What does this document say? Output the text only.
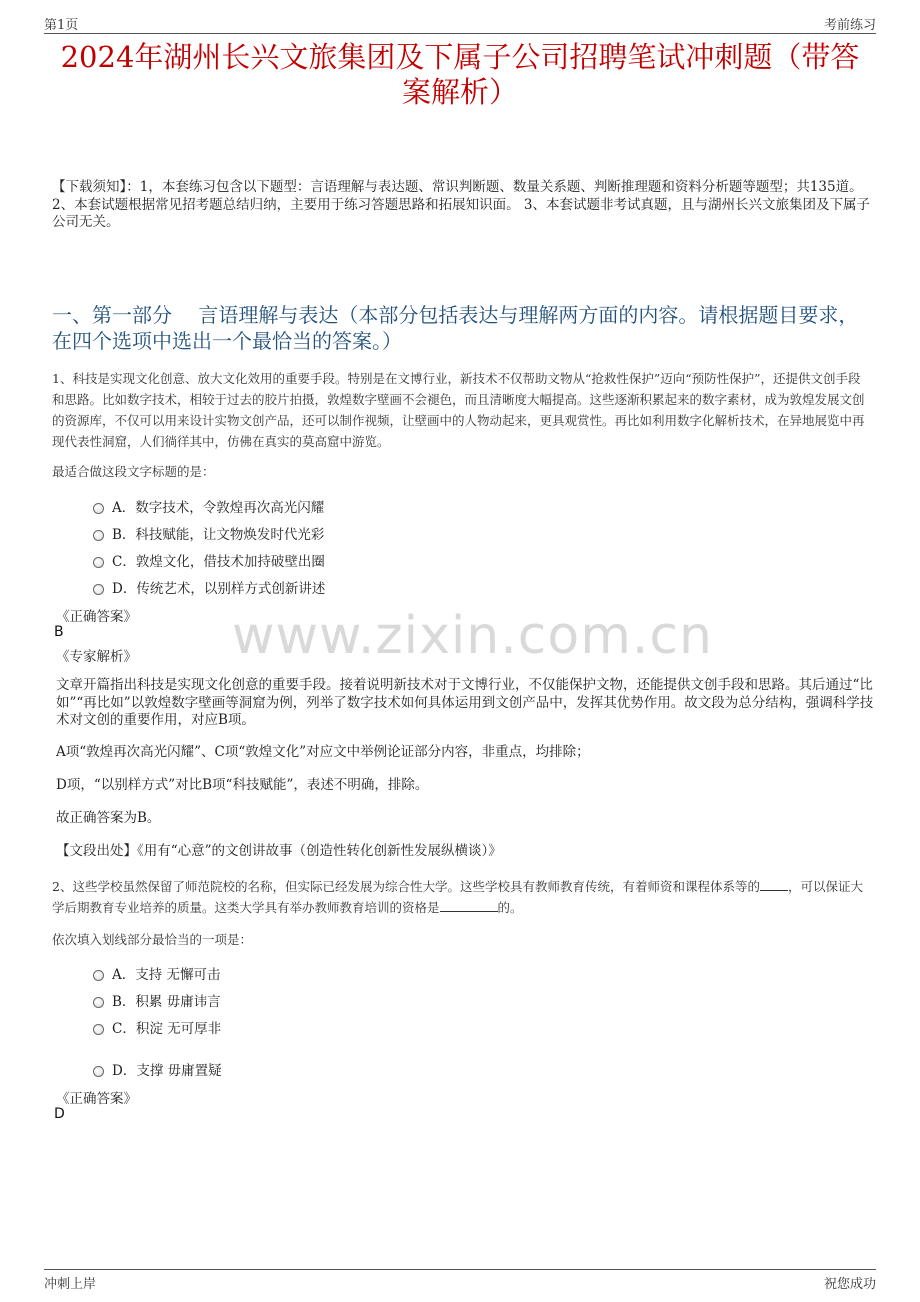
第1页	考前练习
2024年湖州长兴文旅集团及下属子公司招聘笔试冲刺题（带答
案解析）
【下载须知】：1，本套练习包含以下题型：言语理解与表达题、常识判断题、数量关系题、判断推理题和资料分析题等题型；共135道。 2、本套试题根据常见招考题总结归纳，主要用于练习答题思路和拓展知识面。 3、本套试题非考试真题，且与湖州长兴文旅集团及下属子公司无关。
一、第一部分　 言语理解与表达（本部分包括表达与理解两方面的内容。请根据题目要求，在四个选项中选出一个最恰当的答案。）
1、科技是实现文化创意、放大文化效用的重要手段。特别是在文博行业，新技术不仅帮助文物从“抢救性保护”迈向“预防性保护”，还提供文创手段和思路。比如数字技术，相较于过去的胶片拍摄，敦煌数字壁画不会褪色，而且清晰度大幅提高。这些逐渐积累起来的数字素材，成为敦煌发展文创的资源库，不仅可以用来设计实物文创产品，还可以制作视频，让壁画中的人物动起来，更具观赏性。再比如利用数字化解析技术，在异地展览中再现代表性洞窟，人们徜徉其中，仿佛在真实的莫高窟中游览。
最适合做这段文字标题的是：
A．数字技术，令敦煌再次高光闪耀
B．科技赋能，让文物焕发时代光彩
C．敦煌文化，借技术加持破壁出圈
D．传统艺术，以别样方式创新讲述
《正确答案》
B
《专家解析》 www.zixin.com.cn
文章开篇指出科技是实现文化创意的重要手段。接着说明新技术对于文博行业，不仅能保护文物，还能提供文创手段和思路。其后通过“比如”“再比如”以敦煌数字壁画等洞窟为例，列举了数字技术如何具体运用到文创产品中，发挥其优势作用。故文段为总分结构，强调科学技术对文创的重要作用，对应B项。
A项“敦煌再次高光闪耀”、C项“敦煌文化”对应文中举例论证部分内容，非重点，均排除；
D项，“以别样方式”对比B项“科技赋能”，表述不明确，排除。
故正确答案为B。
【文段出处】《用有“心意”的文创讲故事（创造性转化创新性发展纵横谈）》
2、这些学校虽然保留了师范院校的名称，但实际已经发展为综合性大学。这些学校具有教师教育传统，有着师资和课程体系等的 ，可以保证大学后期教育专业培养的质量。这类大学具有举办教师教育培训的资格是	的。
依次填入划线部分最恰当的一项是：
A．支持 无懈可击
B．积累 毋庸讳言
C．积淀 无可厚非
D．支撑 毋庸置疑
《正确答案》
D
冲刺上岸	祝您成功
